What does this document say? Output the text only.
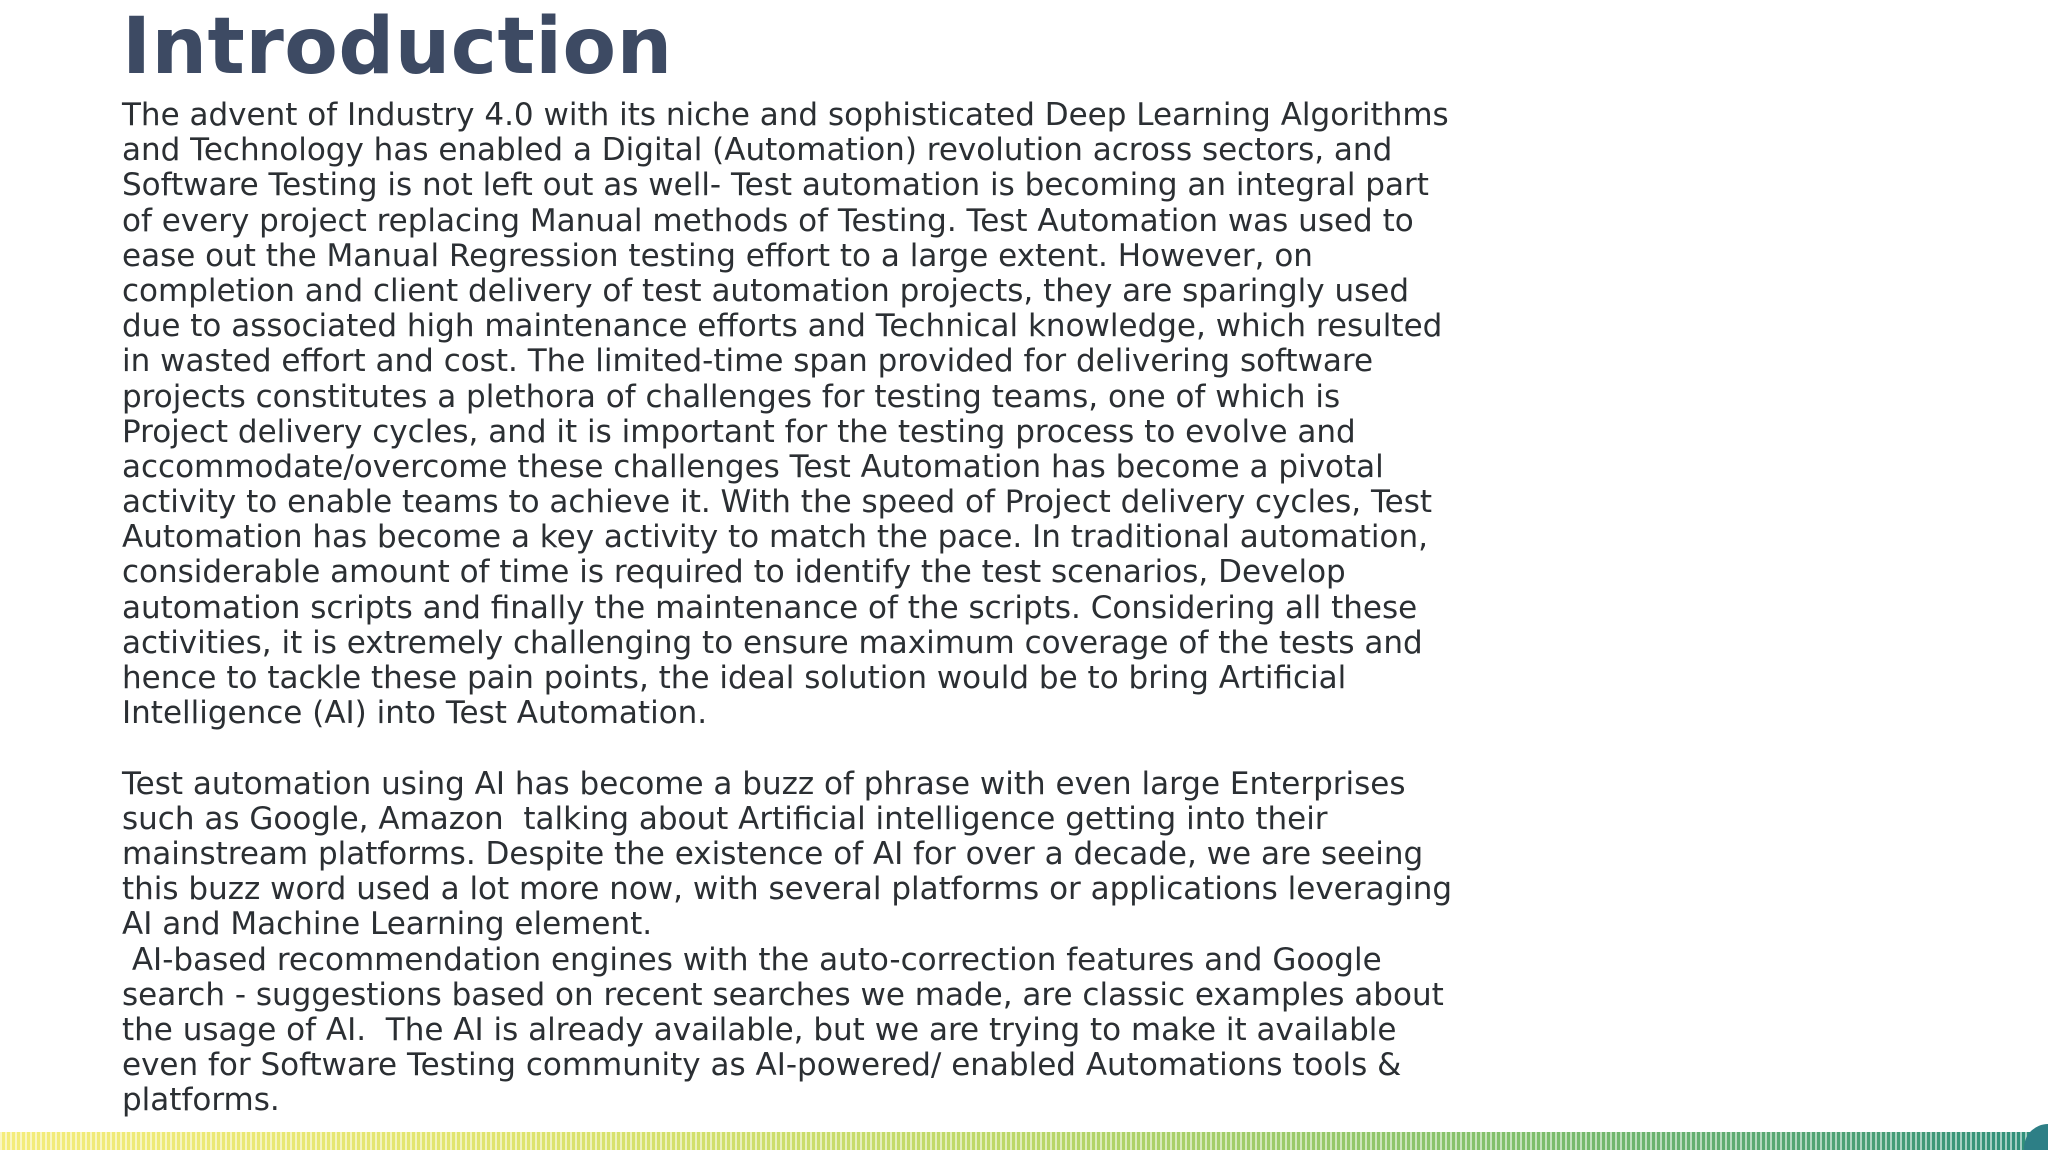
Introduction
The advent of Industry 4.0 with its niche and sophisticated Deep Learning Algorithms
and Technology has enabled a Digital (Automation) revolution across sectors, and
Software Testing is not left out as well- Test automation is becoming an integral part
of every project replacing Manual methods of Testing. Test Automation was used to
ease out the Manual Regression testing effort to a large extent. However, on
completion and client delivery of test automation projects, they are sparingly used
due to associated high maintenance efforts and Technical knowledge, which resulted
in wasted effort and cost. The limited-time span provided for delivering software
projects constitutes a plethora of challenges for testing teams, one of which is
Project delivery cycles, and it is important for the testing process to evolve and
accommodate/overcome these challenges Test Automation has become a pivotal
activity to enable teams to achieve it. With the speed of Project delivery cycles, Test
Automation has become a key activity to match the pace. In traditional automation,
considerable amount of time is required to identify the test scenarios, Develop
automation scripts and finally the maintenance of the scripts. Considering all these
activities, it is extremely challenging to ensure maximum coverage of the tests and
hence to tackle these pain points, the ideal solution would be to bring Artificial
Intelligence (AI) into Test Automation.
Test automation using AI has become a buzz of phrase with even large Enterprises
such as Google, Amazon  talking about Artificial intelligence getting into their
mainstream platforms. Despite the existence of AI for over a decade, we are seeing
this buzz word used a lot more now, with several platforms or applications leveraging
AI and Machine Learning element.
AI-based recommendation engines with the auto-correction features and Google
search - suggestions based on recent searches we made, are classic examples about
the usage of AI.  The AI is already available, but we are trying to make it available
even for Software Testing community as AI-powered/ enabled Automations tools &
platforms.
